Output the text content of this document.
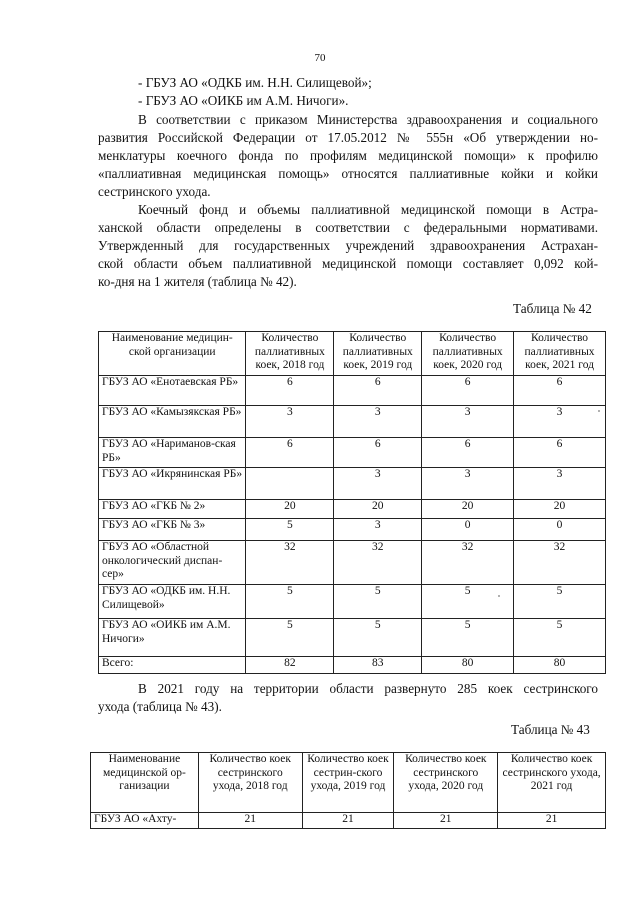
70

- ГБУЗ АО «ОДКБ им. Н.Н. Силищевой»;

- ГБУЗ АО «ОИКБ им А.М. Ничоги».

В соответствии с приказом Министерства здравоохранения и социального

развития Российской Федерации от 17.05.2012 № 555н «Об утверждении но-

менклатуры коечного фонда по профилям медицинской помощи» к профилю

«паллиативная медицинская помощь» относятся паллиативные койки и койки

сестринского ухода.

Коечный фонд и объемы паллиативной медицинской помощи в Астра-

ханской области определены в соответствии с федеральными нормативами.

Утвержденный для государственных учреждений здравоохранения Астрахан-

ской области объем паллиативной медицинской помощи составляет 0,092 кой-

ко-дня на 1 жителя (таблица № 42).

Таблица № 42
Наименование медицин-ской организации	Количество паллиативных коек, 2018 год	Количество паллиативных коек, 2019 год	Количество паллиативных коек, 2020 год	Количество паллиативных коек, 2021 год
ГБУЗ АО «Енотаевская РБ»	6	6	6	6
ГБУЗ АО «Камызякская РБ»	3	3	3	3
ГБУЗ АО «Нариманов-ская РБ»	6	6	6	6
ГБУЗ АО «Икрянинская РБ»		3	3	3
ГБУЗ АО «ГКБ № 2»	20	20	20	20
ГБУЗ АО «ГКБ № 3»	5	3	0	0
ГБУЗ АО «Областной онкологический диспан-сер»	32	32	32	32
ГБУЗ АО «ОДКБ им. Н.Н. Силищевой»	5	5	5	5
ГБУЗ АО «ОИКБ им А.М. Ничоги»	5	5	5	5
Всего:	82	83	80	80

В 2021 году на территории области развернуто 285 коек сестринского

ухода (таблица № 43).

Таблица № 43
Наименование медицинской ор-ганизации	Количество коек сестринского ухода, 2018 год	Количество коек сестрин-ского ухода, 2019 год	Количество коек сестринского ухода, 2020 год	Количество коек сестринского ухода, 2021 год
ГБУЗ АО «Ахту-	21	21	21	21
